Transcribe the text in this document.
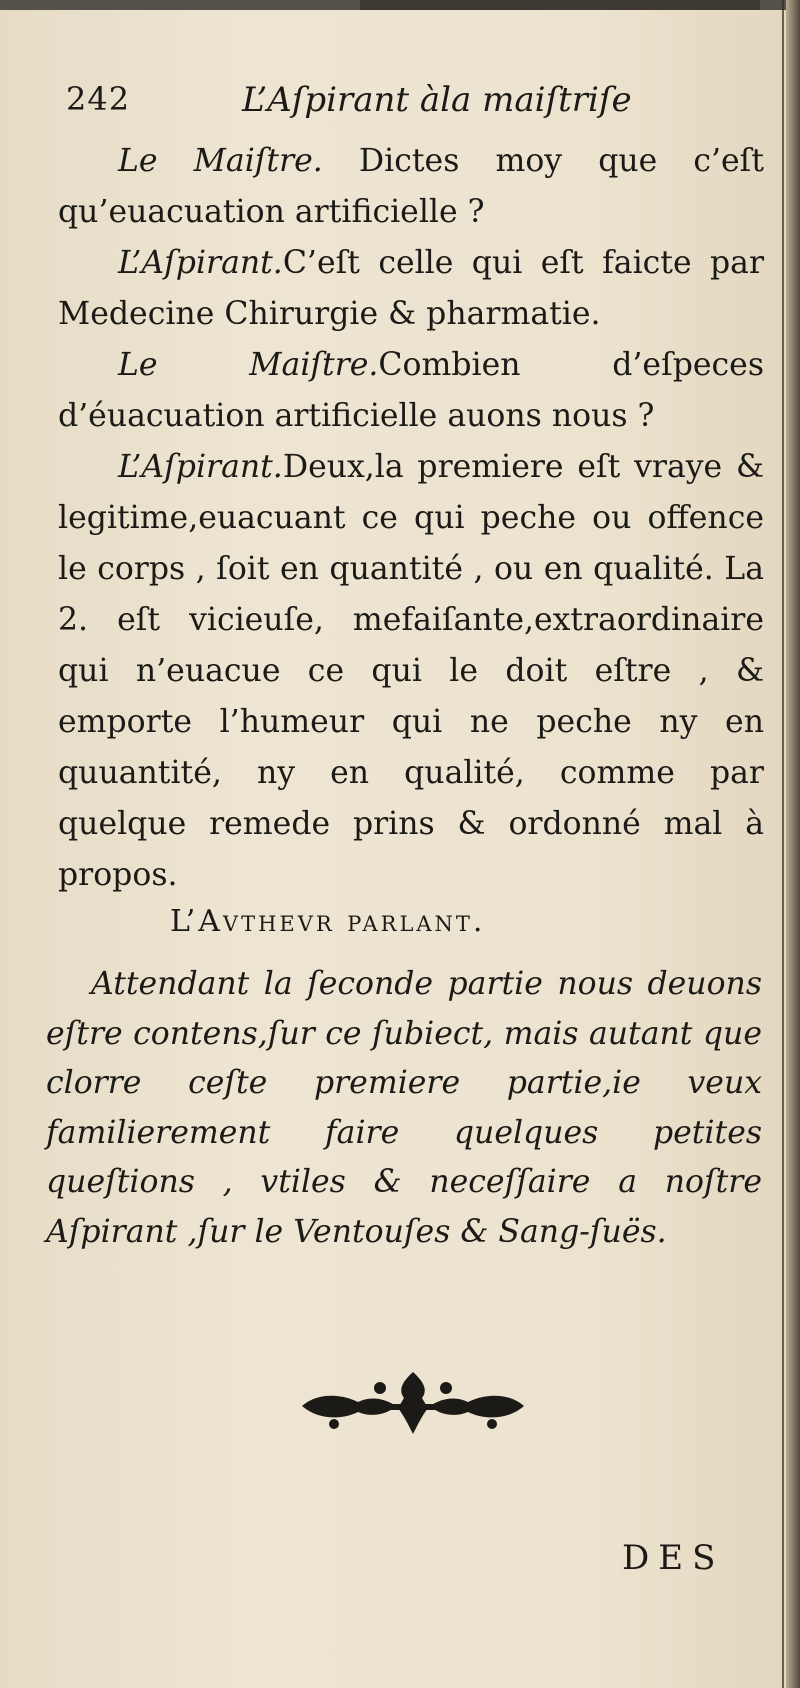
242	L’Aſpirant àla maiſtriſe

Le Maiſtre. Dictes moy que c’eſt qu’euacuation artificielle ?

L’Aſpirant.C’eſt celle qui eſt faicte par Medecine Chirurgie & pharmatie.

Le Maiſtre.Combien d’eſpeces d’éuacuation artificielle auons nous ?

L’Aſpirant.Deux,la premiere eſt vraye & legitime,euacuant ce qui peche ou offence le corps , ſoit en quantité , ou en qualité. La 2. eſt vicieuſe, mefaiſante,extraordinaire qui n’euacue ce qui le doit eſtre , & emporte l’humeur qui ne peche ny en quuantité, ny en qualité, comme par quelque remede prins & ordonné mal à propos.

L’Avthevr parlant.

Attendant la ſeconde partie nous deuons eſtre contens,ſur ce ſubiect, mais autant que clorre ceſte premiere partie,ie veux familierement faire quelques petites queſtions , vtiles & neceſſaire a noſtre Aſpirant ,ſur le Ventouſes & Sang-ſuës.

DES
